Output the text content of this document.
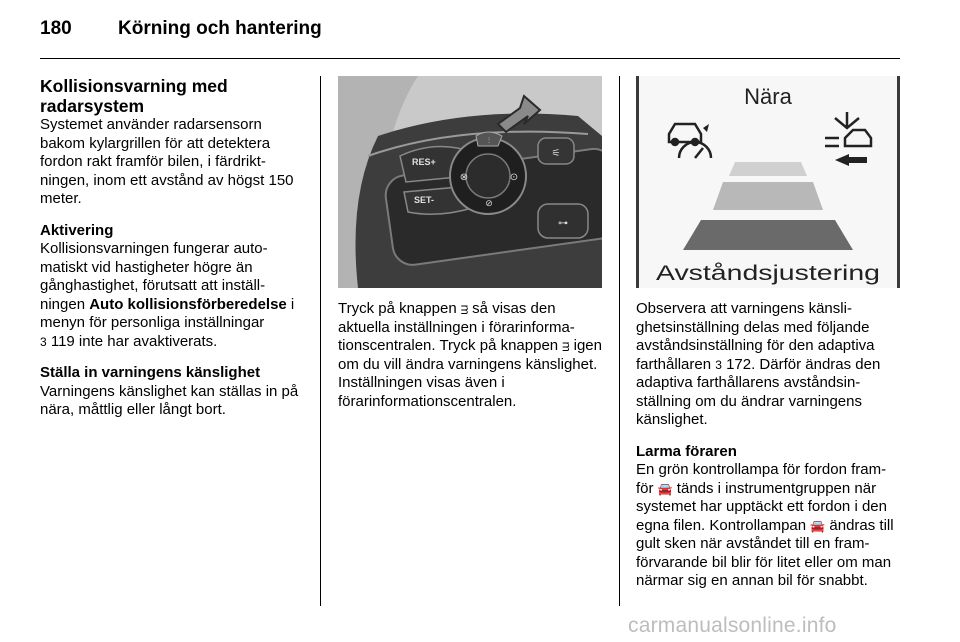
180 Körning och hantering
Kollisionsvarning med radarsystem

Systemet använder radarsensorn bakom kylargrillen för att detektera fordon rakt framför bilen, i färdrikt-ningen, inom ett avstånd av högst 150 meter.

Aktivering

Kollisionsvarningen fungerar auto-matiskt vid hastigheter högre än gånghastighet, förutsatt att inställ-ningen Auto kollisionsförberedelse i menyn för personliga inställningar
3 119 inte har avaktiverats.

Ställa in varningens känslighet

Varningens känslighet kan ställas in på nära, måttlig eller långt bort.

RES+
SET-
⫶
⊗	⊙
⊘
⚟
⊶
Nära
Avståndsjustering

Tryck på knappen ᴟ så visas den aktuella inställningen i förarinforma-tionscentralen. Tryck på knappen ᴟ igen om du vill ändra varningens känslighet. Inställningen visas även i förarinformationscentralen.

Observera att varningens känsli-ghetsinställning delas med följande avståndsinställning för den adaptiva farthållaren 3 172. Därför ändras den adaptiva farthållarens avståndsin-ställning om du ändrar varningens känslighet.

Larma föraren

En grön kontrollampa för fordon fram-för 🚘 tänds i instrumentgruppen när systemet har upptäckt ett fordon i den egna filen. Kontrollampan 🚘 ändras till gult sken när avståndet till en fram-förvarande bil blir för litet eller om man närmar sig en annan bil för snabbt.

carmanualsonline.info
